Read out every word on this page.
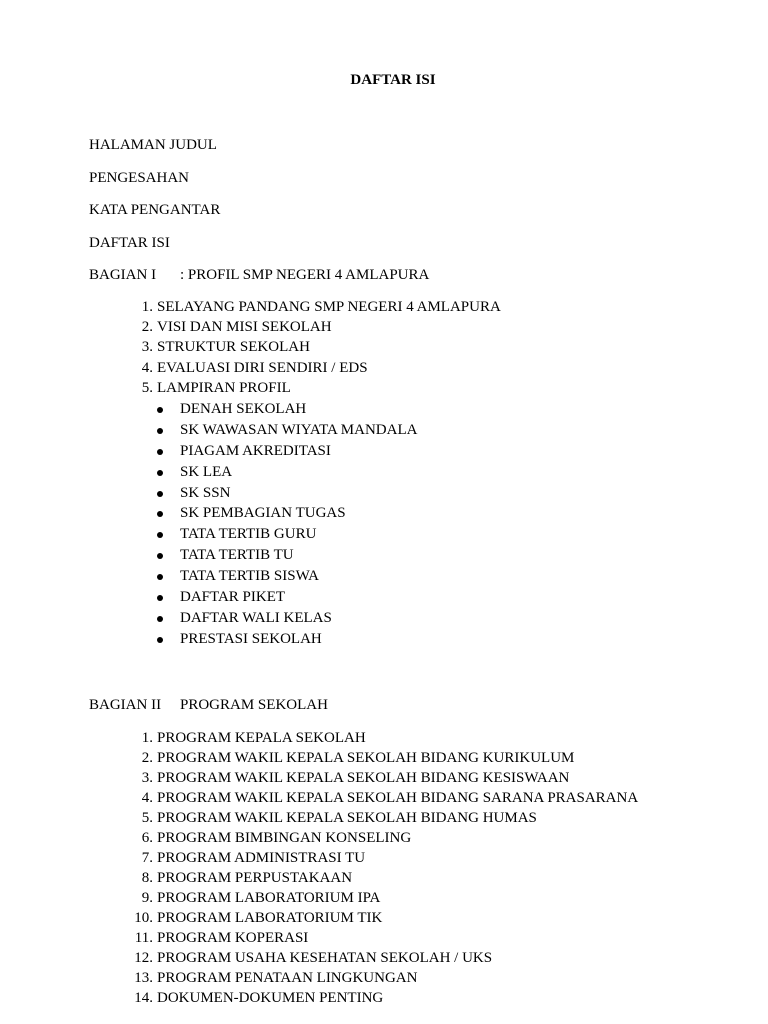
DAFTAR ISI
HALAMAN JUDUL
PENGESAHAN
KATA PENGANTAR
DAFTAR ISI
BAGIAN I : PROFIL SMP NEGERI 4 AMLAPURA
1. SELAYANG PANDANG SMP NEGERI 4 AMLAPURA
2. VISI DAN MISI SEKOLAH
3. STRUKTUR SEKOLAH
4. EVALUASI DIRI SENDIRI / EDS
5. LAMPIRAN PROFIL
DENAH SEKOLAH
SK WAWASAN WIYATA MANDALA
PIAGAM AKREDITASI
SK LEA
SK SSN
SK PEMBAGIAN TUGAS
TATA TERTIB GURU
TATA TERTIB TU
TATA TERTIB SISWA
DAFTAR PIKET
DAFTAR WALI KELAS
PRESTASI SEKOLAH
BAGIAN II PROGRAM SEKOLAH
1. PROGRAM KEPALA SEKOLAH
2. PROGRAM WAKIL KEPALA SEKOLAH BIDANG KURIKULUM
3. PROGRAM WAKIL KEPALA SEKOLAH BIDANG KESISWAAN
4. PROGRAM WAKIL KEPALA SEKOLAH BIDANG SARANA PRASARANA
5. PROGRAM WAKIL KEPALA SEKOLAH BIDANG HUMAS
6. PROGRAM BIMBINGAN KONSELING
7. PROGRAM ADMINISTRASI TU
8. PROGRAM PERPUSTAKAAN
9. PROGRAM LABORATORIUM IPA
10. PROGRAM LABORATORIUM TIK
11. PROGRAM KOPERASI
12. PROGRAM USAHA KESEHATAN SEKOLAH / UKS
13. PROGRAM PENATAAN LINGKUNGAN
14. DOKUMEN-DOKUMEN PENTING
